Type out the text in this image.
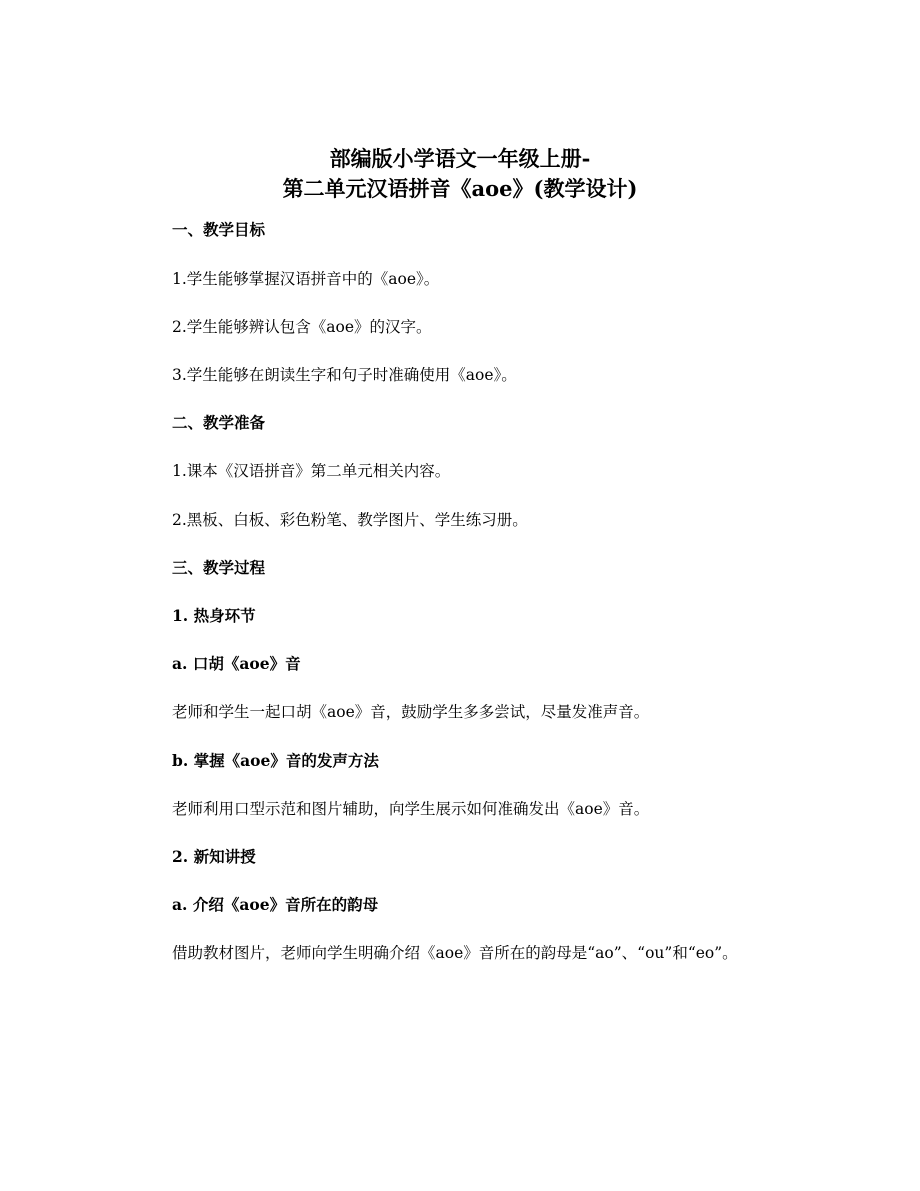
部编版小学语文一年级上册-
第二单元汉语拼音《aoe》(教学设计)
一、教学目标
1.学生能够掌握汉语拼音中的《aoe》。
2.学生能够辨认包含《aoe》的汉字。
3.学生能够在朗读生字和句子时准确使用《aoe》。
二、教学准备
1.课本《汉语拼音》第二单元相关内容。
2.黑板、白板、彩色粉笔、教学图片、学生练习册。
三、教学过程
1. 热身环节
a. 口胡《aoe》音
老师和学生一起口胡《aoe》音，鼓励学生多多尝试，尽量发准声音。
b. 掌握《aoe》音的发声方法
老师利用口型示范和图片辅助，向学生展示如何准确发出《aoe》音。
2. 新知讲授
a. 介绍《aoe》音所在的韵母
借助教材图片，老师向学生明确介绍《aoe》音所在的韵母是“ao”、“ou”和“eo”。
